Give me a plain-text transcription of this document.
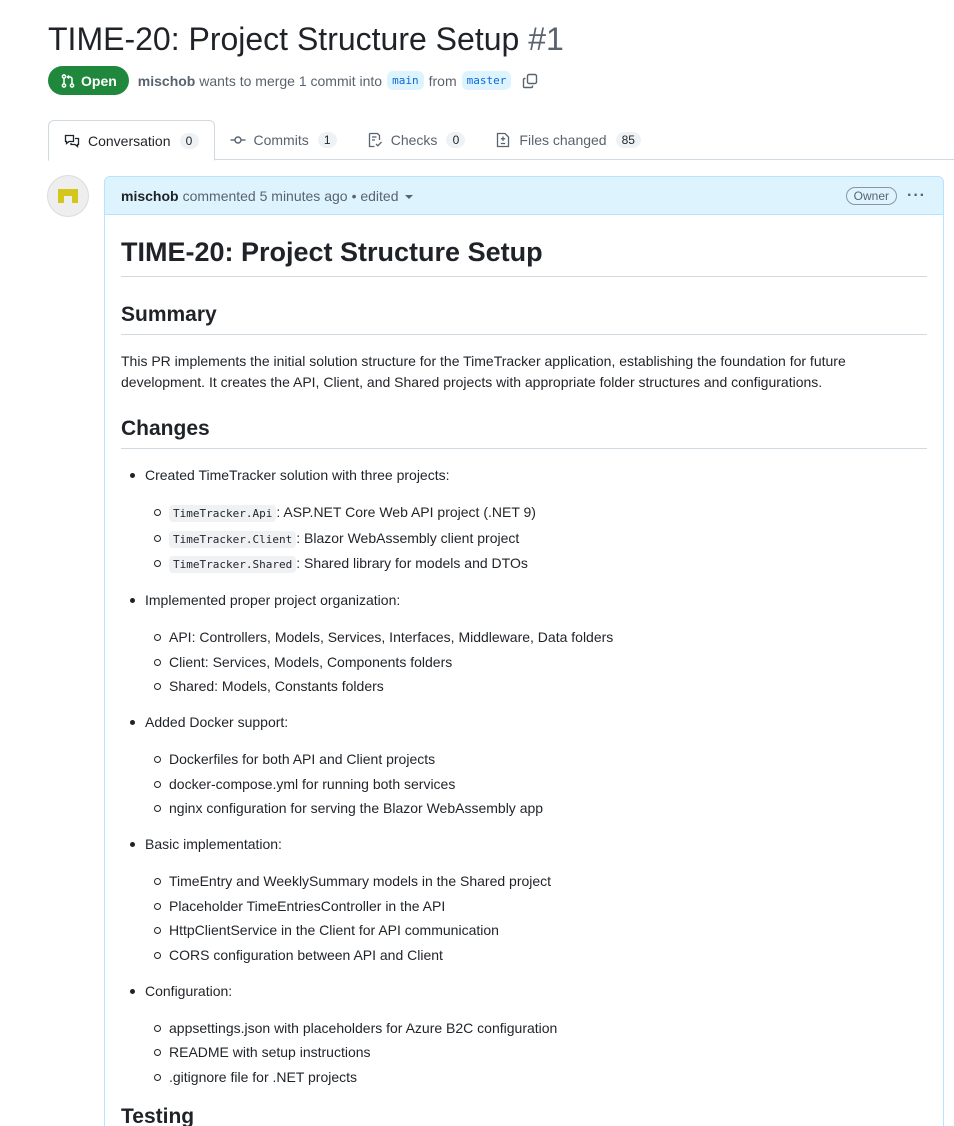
TIME-20: Project Structure Setup #1
Open mischob
wants to merge 1 commit into main from master
Conversation	0	Commits	1	Checks	0	Files changed	85
mischob commented 5 minutes ago • edited	Owner	···
TIME-20: Project Structure Setup
Summary

This PR implements the initial solution structure for the TimeTracker application, establishing the foundation for future development. It creates the API, Client, and Shared projects with appropriate folder structures and configurations.

Changes
Created TimeTracker solution with three projects:
TimeTracker.Api : ASP.NET Core Web API project (.NET 9)
TimeTracker.Client : Blazor WebAssembly client project
TimeTracker.Shared : Shared library for models and DTOs
Implemented proper project organization:
API: Controllers, Models, Services, Interfaces, Middleware, Data folders
Client: Services, Models, Components folders
Shared: Models, Constants folders
Added Docker support:
Dockerfiles for both API and Client projects
docker-compose.yml for running both services
nginx configuration for serving the Blazor WebAssembly app
Basic implementation:
TimeEntry and WeeklySummary models in the Shared project
Placeholder TimeEntriesController in the API
HttpClientService in the Client for API communication
CORS configuration between API and Client
Configuration:
appsettings.json with placeholders for Azure B2C configuration
README with setup instructions
.gitignore file for .NET projects
Testing
